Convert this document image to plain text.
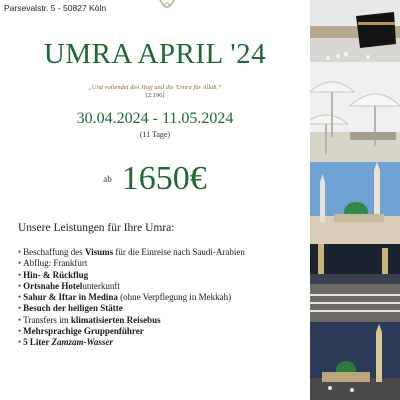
Parsevalstr. 5 - 50827 Köln
UMRA APRIL '24
„Und vollendet den Hajj und die 'Umra für Allah.“
[2:196]
30.04.2024 - 11.05.2024
(11 Tage)
ab 1650€
Unsere Leistungen für Ihre Umra:
• Beschaffung des Visums für die Einreise nach Saudi-Arabien
• Abflug: Frankfurt
• Hin- & Rückflug
• Ortsnahe Hotelunterkunft
• Sahur & Iftar in Medina (ohne Verpflegung in Mekkah)
• Besuch der heiligen Stätte
• Transfers im klimatisierten Reisebus
• Mehrsprachige Gruppenführer
• 5 Liter Zamzam-Wasser
